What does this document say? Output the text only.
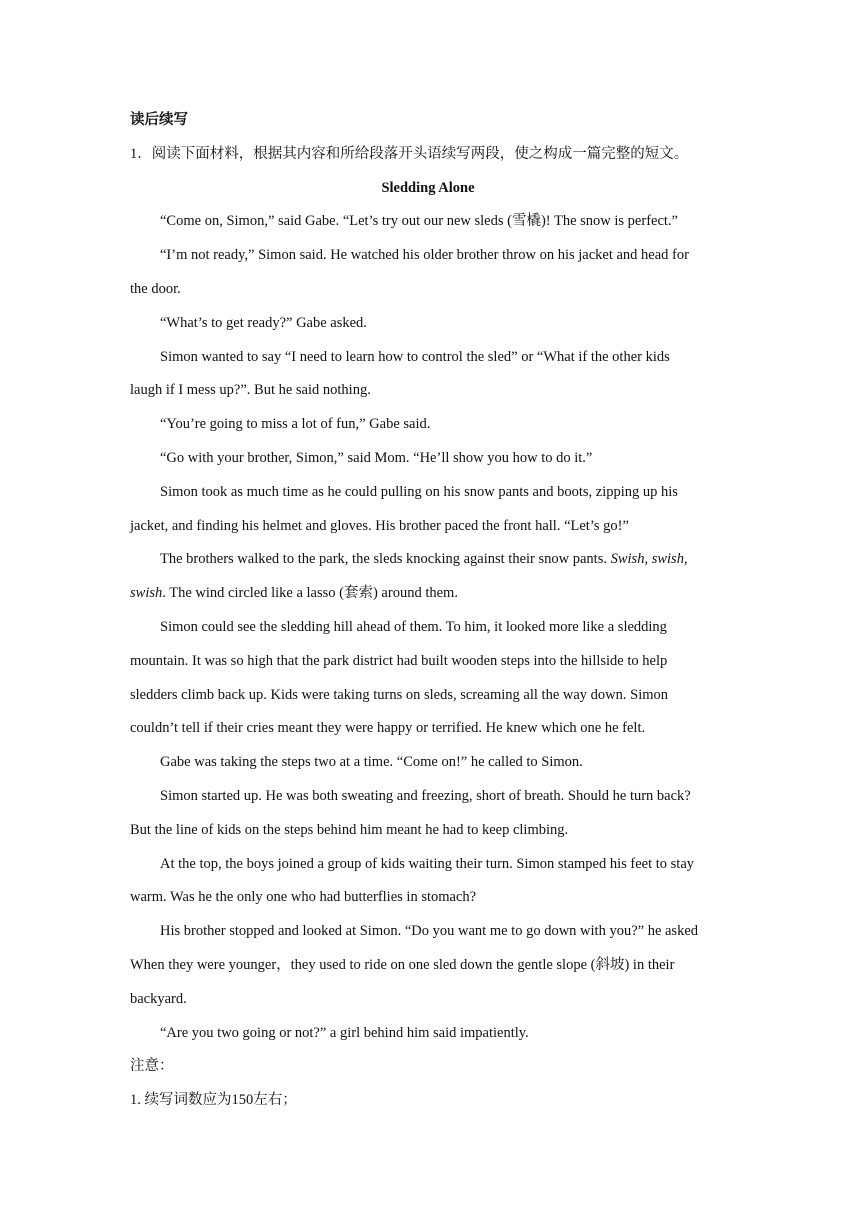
读后续写
1．阅读下面材料，根据其内容和所给段落开头语续写两段，使之构成一篇完整的短文。
Sledding Alone
“Come on, Simon,” said Gabe. “Let’s try out our new sleds (雪橇)! The snow is perfect.”
“I’m not ready,” Simon said. He watched his older brother throw on his jacket and head for
the door.
“What’s to get ready?” Gabe asked.
Simon wanted to say “I need to learn how to control the sled” or “What if the other kids
laugh if I mess up?”. But he said nothing.
“You’re going to miss a lot of fun,” Gabe said.
“Go with your brother, Simon,” said Mom. “He’ll show you how to do it.”
Simon took as much time as he could pulling on his snow pants and boots, zipping up his
jacket, and finding his helmet and gloves. His brother paced the front hall. “Let’s go!”
The brothers walked to the park, the sleds knocking against their snow pants. Swish, swish,
swish. The wind circled like a lasso (套索) around them.
Simon could see the sledding hill ahead of them. To him, it looked more like a sledding
mountain. It was so high that the park district had built wooden steps into the hillside to help
sledders climb back up. Kids were taking turns on sleds, screaming all the way down. Simon
couldn’t tell if their cries meant they were happy or terrified. He knew which one he felt.
Gabe was taking the steps two at a time. “Come on!” he called to Simon.
Simon started up. He was both sweating and freezing, short of breath. Should he turn back?
But the line of kids on the steps behind him meant he had to keep climbing.
At the top, the boys joined a group of kids waiting their turn. Simon stamped his feet to stay
warm. Was he the only one who had butterflies in stomach?
His brother stopped and looked at Simon. “Do you want me to go down with you?” he asked
When they were younger，they used to ride on one sled down the gentle slope (斜坡) in their
backyard.
“Are you two going or not?” a girl behind him said impatiently.
注意：
1. 续写词数应为150左右；
